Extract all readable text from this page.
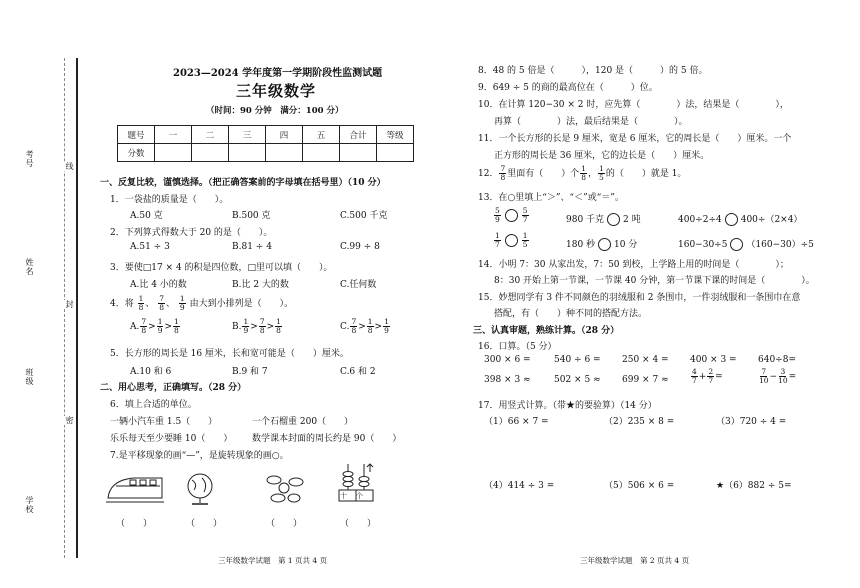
考号	线
姓名
封
班级
密
学校
2023—2024 学年度第一学期阶段性监测试题
三年级数学
（时间：90 分钟　满分：100 分）
题号	一	二	三	四	五	合计	等级
分数							
一、反复比较，谨慎选择。（把正确答案前的字母填在括号里）（10 分）
1．一袋盐的质量是（　　）。
A.50 克	B.500 克	C.500 千克
2．下列算式得数大于 20 的是（　　）。
A.51 ÷ 3	B.81 ÷ 4	C.99 ÷ 8
3．要使□17 × 4 的积是四位数，□里可以填（　　）。
A.比 4 小的数	B.比 2 大的数	C.任何数
4．将 $\frac{1}{8}$ 、 $\frac{7}{8}$ 、 $\frac{1}{9}$ 由大到小排列是（　　）。
A. $\frac{7}{8} > \frac{1}{9} > \frac{1}{8}$	B. $\frac{1}{9} > \frac{7}{8} > \frac{1}{8}$	C. $\frac{7}{8} > \frac{1}{8} > \frac{1}{9}$
5．长方形的周长是 16 厘米，长和宽可能是（　　）厘米。
A.10 和 6	B.9 和 7	C.6 和 2
二、用心思考，正确填写。（28 分）
6．填上合适的单位。
一辆小汽车重 1.5（　　）	一个石榴重 200（　　）
乐乐每天至少要睡 10（　　） 数学课本封面的周长约是 90（　　）
7.是平移现象的画“—”，是旋转现象的画○。
十 个
（　　）	（　　）	（　　）	（　　）
三年级数学试题　第 1 页共 4 页
8．48 的 5 倍是（　　　），120 是（　　　）的 5 倍。
9．649 ÷ 5 的商的最高位在（　　　）位。
10．在计算 120−30 × 2 时，应先算（　　　　）法，结果是（　　　　），
再算（　　　　）法，最后结果是（　　　　）。
11．一个长方形的长是 9 厘米，宽是 6 厘米，它的周长是（　　）厘米。一个
正方形的周长是 36 厘米，它的边长是（　　）厘米。
12． $\frac{7}{8}$ 里面有（　　）个 $\frac{1}{8}$ ， $\frac{1}{5}$ 的（　　）就是 1。
13．在○里填上“＞”、“＜”或“＝”。
$\frac{5}{9}$	$\frac{5}{7}$	980 千克 2 吨	400÷2÷4 400÷（2×4）
$\frac{1}{7}$	$\frac{1}{5}$	180 秒 10 分	160−30÷5 （160−30）÷5
14．小明 7：30 从家出发，7：50 到校，上学路上用的时间是（　　　　）；
8：30 开始上第一节课，一节课 40 分钟，第一节课下课的时间是（　　　　）。
15．妙想同学有 3 件不同颜色的羽绒服和 2 条围巾，一件羽绒服和一条围巾在意
搭配，有（　　）种不同的搭配方法。
三、认真审题，熟练计算。（28 分）
16．口算。（5 分）
300 × 6 =	540 ÷ 6 = 250 × 4 = 400 × 3 = 640÷8=
398 × 3 ≈	502 × 5 ≈ 699 × 7 ≈	$\frac{4}{7} + \frac{2}{7}$ =	$\frac{7}{10} - \frac{3}{10}$ =
17．用竖式计算。（带★的要验算）（14 分）
（1）66 × 7 =	（2）235 × 8 =	（3）720 ÷ 4 =
（4）414 ÷ 3 =	（5）506 × 6 =	★（6）882 ÷ 5=
三年级数学试题　第 2 页共 4 页
